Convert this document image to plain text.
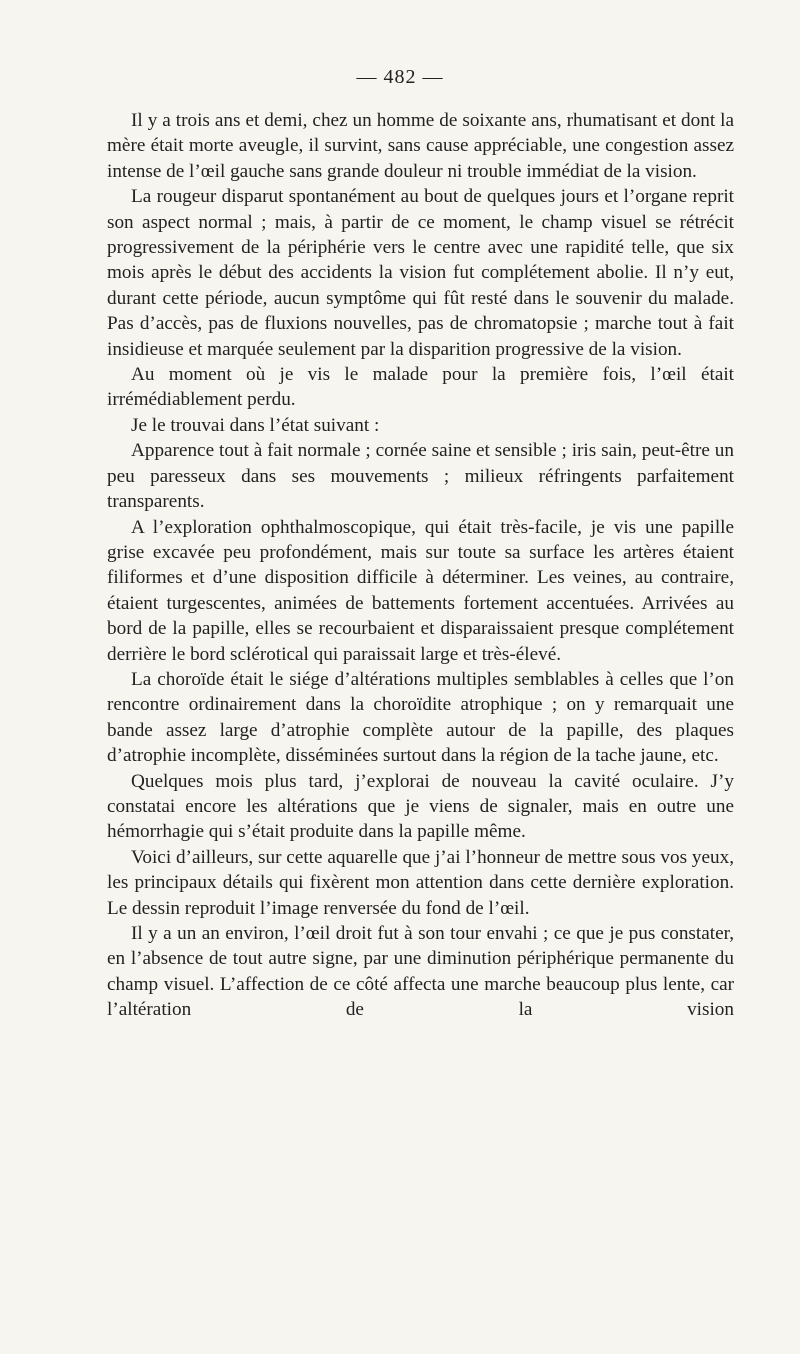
— 482 —

Il y a trois ans et demi, chez un homme de soixante ans, rhumatisant et dont la mère était morte aveugle, il survint, sans cause appréciable, une congestion assez intense de l’œil gauche sans grande douleur ni trouble immédiat de la vision.

La rougeur disparut spontanément au bout de quelques jours et l’organe reprit son aspect normal ; mais, à partir de ce moment, le champ visuel se rétrécit progressivement de la périphérie vers le centre avec une rapidité telle, que six mois après le début des accidents la vision fut complétement abolie. Il n’y eut, durant cette période, aucun symptôme qui fût resté dans le souvenir du malade. Pas d’accès, pas de fluxions nouvelles, pas de chromatopsie ; marche tout à fait insidieuse et marquée seulement par la disparition progressive de la vision.

Au moment où je vis le malade pour la première fois, l’œil était irrémédiablement perdu.

Je le trouvai dans l’état suivant :

Apparence tout à fait normale ; cornée saine et sensible ; iris sain, peut-être un peu paresseux dans ses mouvements ; milieux réfringents parfaitement transparents.

A l’exploration ophthalmoscopique, qui était très-facile, je vis une papille grise excavée peu profondément, mais sur toute sa surface les artères étaient filiformes et d’une disposition difficile à déterminer. Les veines, au contraire, étaient turgescentes, animées de battements fortement accentuées. Arrivées au bord de la papille, elles se recourbaient et disparaissaient presque complétement derrière le bord sclérotical qui paraissait large et très-élevé.

La choroïde était le siége d’altérations multiples semblables à celles que l’on rencontre ordinairement dans la choroïdite atrophique ; on y remarquait une bande assez large d’atrophie complète autour de la papille, des plaques d’atrophie incomplète, disséminées surtout dans la région de la tache jaune, etc.

Quelques mois plus tard, j’explorai de nouveau la cavité oculaire. J’y constatai encore les altérations que je viens de signaler, mais en outre une hémorrhagie qui s’était produite dans la papille même.

Voici d’ailleurs, sur cette aquarelle que j’ai l’honneur de mettre sous vos yeux, les principaux détails qui fixèrent mon attention dans cette dernière exploration. Le dessin reproduit l’image renversée du fond de l’œil.

Il y a un an environ, l’œil droit fut à son tour envahi ; ce que je pus constater, en l’absence de tout autre signe, par une diminution périphérique permanente du champ visuel. L’affection de ce côté affecta une marche beaucoup plus lente, car l’altération de la vision
